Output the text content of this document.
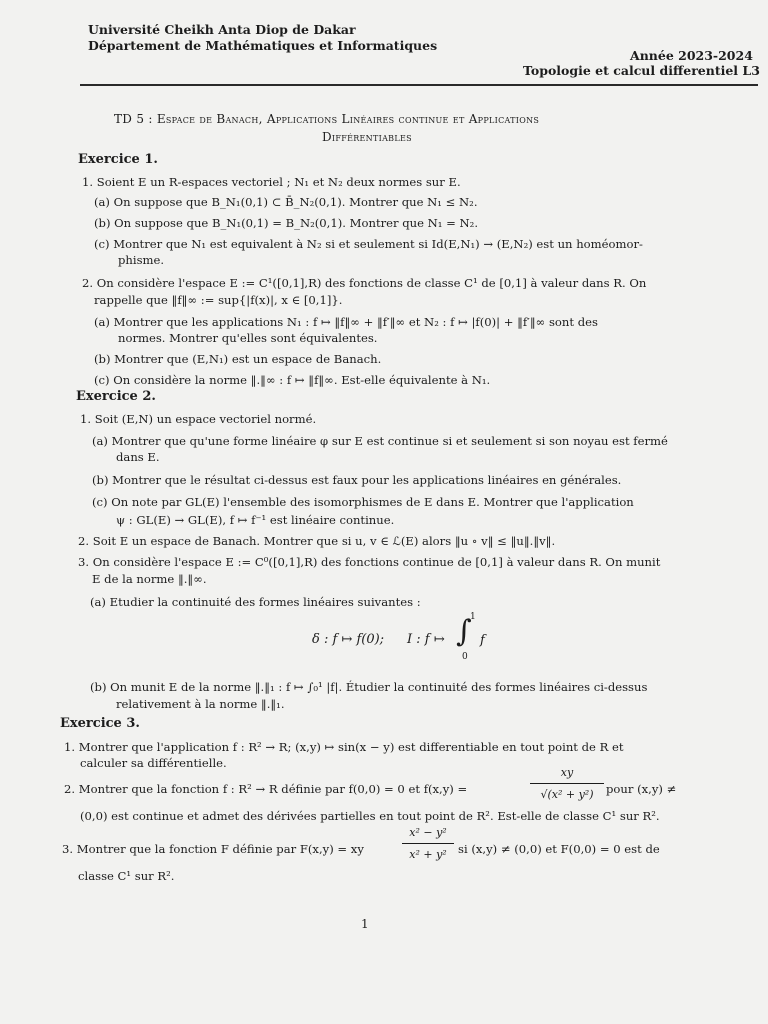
Université Cheikh Anta Diop de Dakar
Département de Mathématiques et Informatiques
Année 2023-2024
Topologie et calcul differentiel L3
TD 5 : Espace de Banach, Applications Linéaires continue et Applications
Différentiables
Exercice 1.
1. Soient E un R-espaces vectoriel ; N₁ et N₂ deux normes sur E.
(a) On suppose que B_N₁(0,1) ⊂ B̄_N₂(0,1). Montrer que N₁ ≤ N₂.
(b) On suppose que B_N₁(0,1) = B_N₂(0,1). Montrer que N₁ = N₂.
(c) Montrer que N₁ est equivalent à N₂ si et seulement si Id(E,N₁) → (E,N₂) est un homéomor-
phisme.
2. On considère l'espace E := C¹([0,1],R) des fonctions de classe C¹ de [0,1] à valeur dans R. On
rappelle que ‖f‖∞ := sup{|f(x)|, x ∈ [0,1]}.
(a) Montrer que les applications N₁ : f ↦ ‖f‖∞ + ‖f′‖∞ et N₂ : f ↦ |f(0)| + ‖f′‖∞ sont des
normes. Montrer qu'elles sont équivalentes.
(b) Montrer que (E,N₁) est un espace de Banach.
(c) On considère la norme ‖.‖∞ : f ↦ ‖f‖∞. Est-elle équivalente à N₁.
Exercice 2.
1. Soit (E,N) un espace vectoriel normé.
(a) Montrer que qu'une forme linéaire φ sur E est continue si et seulement si son noyau est fermé
dans E.
(b) Montrer que le résultat ci-dessus est faux pour les applications linéaires en générales.
(c) On note par GL(E) l'ensemble des isomorphismes de E dans E. Montrer que l'application
ψ : GL(E) → GL(E), f ↦ f⁻¹ est linéaire continue.
2. Soit E un espace de Banach. Montrer que si u, v ∈ ℒ(E) alors ‖u ∘ v‖ ≤ ‖u‖.‖v‖.
3. On considère l'espace E := C⁰([0,1],R) des fonctions continue de [0,1] à valeur dans R. On munit
E de la norme ‖.‖∞.
(a) Etudier la continuité des formes linéaires suivantes :
δ : f ↦ f(0); I : f ↦ ∫
1
0
f
(b) On munit E de la norme ‖.‖₁ : f ↦ ∫₀¹ |f|. Étudier la continuité des formes linéaires ci-dessus
relativement à la norme ‖.‖₁.
Exercice 3.
1. Montrer que l'application f : R² → R; (x,y) ↦ sin(x − y) est differentiable en tout point de R et
calculer sa différentielle.
2. Montrer que la fonction f : R² → R définie par f(0,0) = 0 et f(x,y) =
xy
√(x² + y²)	pour (x,y) ≠
(0,0) est continue et admet des dérivées partielles en tout point de R². Est-elle de classe C¹ sur R².
3. Montrer que la fonction F définie par F(x,y) = xy
x² − y²
x² + y² si (x,y) ≠ (0,0) et F(0,0) = 0 est de
classe C¹ sur R².
1
